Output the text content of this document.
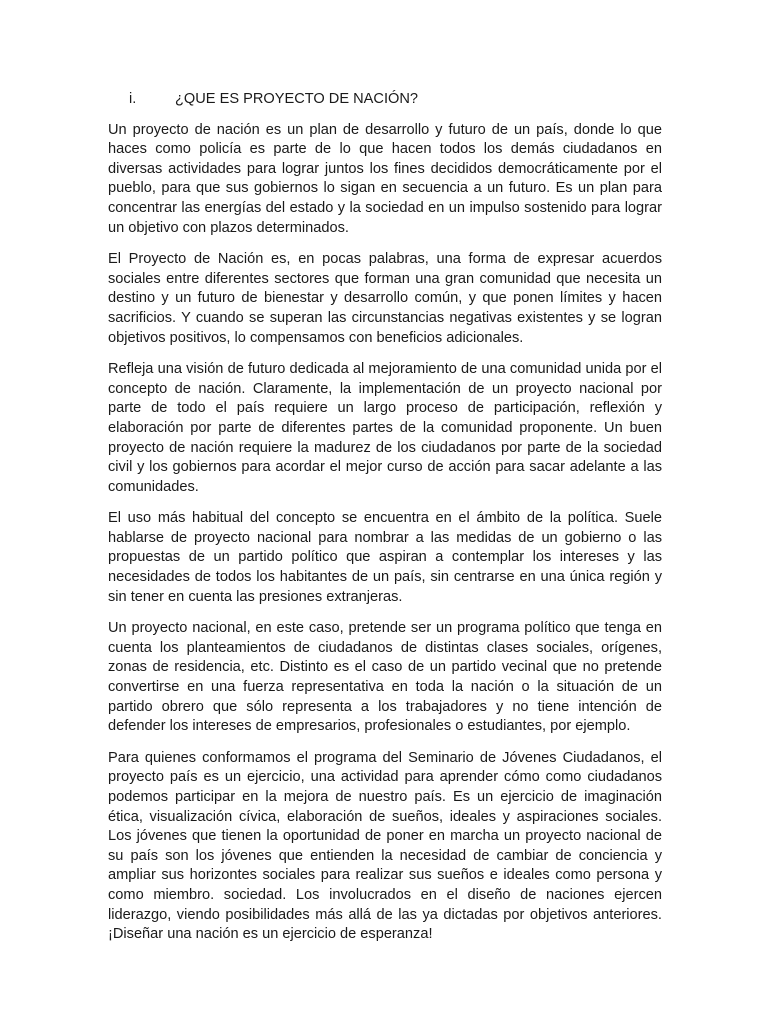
i.	¿QUE ES PROYECTO DE NACIÓN?

Un proyecto de nación es un plan de desarrollo y futuro de un país, donde lo que haces como policía es parte de lo que hacen todos los demás ciudadanos en diversas actividades para lograr juntos los fines decididos democráticamente por el pueblo, para que sus gobiernos lo sigan en secuencia a un futuro. Es un plan para concentrar las energías del estado y la sociedad en un impulso sostenido para lograr un objetivo con plazos determinados.

El Proyecto de Nación es, en pocas palabras, una forma de expresar acuerdos sociales entre diferentes sectores que forman una gran comunidad que necesita un destino y un futuro de bienestar y desarrollo común, y que ponen límites y hacen sacrificios. Y cuando se superan las circunstancias negativas existentes y se logran objetivos positivos, lo compensamos con beneficios adicionales.

Refleja una visión de futuro dedicada al mejoramiento de una comunidad unida por el concepto de nación. Claramente, la implementación de un proyecto nacional por parte de todo el país requiere un largo proceso de participación, reflexión y elaboración por parte de diferentes partes de la comunidad proponente. Un buen proyecto de nación requiere la madurez de los ciudadanos por parte de la sociedad civil y los gobiernos para acordar el mejor curso de acción para sacar adelante a las comunidades.

El uso más habitual del concepto se encuentra en el ámbito de la política. Suele hablarse de proyecto nacional para nombrar a las medidas de un gobierno o las propuestas de un partido político que aspiran a contemplar los intereses y las necesidades de todos los habitantes de un país, sin centrarse en una única región y sin tener en cuenta las presiones extranjeras.

Un proyecto nacional, en este caso, pretende ser un programa político que tenga en cuenta los planteamientos de ciudadanos de distintas clases sociales, orígenes, zonas de residencia, etc. Distinto es el caso de un partido vecinal que no pretende convertirse en una fuerza representativa en toda la nación o la situación de un partido obrero que sólo representa a los trabajadores y no tiene intención de defender los intereses de empresarios, profesionales o estudiantes, por ejemplo.

Para quienes conformamos el programa del Seminario de Jóvenes Ciudadanos, el proyecto país es un ejercicio, una actividad para aprender cómo como ciudadanos podemos participar en la mejora de nuestro país. Es un ejercicio de imaginación ética, visualización cívica, elaboración de sueños, ideales y aspiraciones sociales. Los jóvenes que tienen la oportunidad de poner en marcha un proyecto nacional de su país son los jóvenes que entienden la necesidad de cambiar de conciencia y ampliar sus horizontes sociales para realizar sus sueños e ideales como persona y como miembro. sociedad. Los involucrados en el diseño de naciones ejercen liderazgo, viendo posibilidades más allá de las ya dictadas por objetivos anteriores. ¡Diseñar una nación es un ejercicio de esperanza!
